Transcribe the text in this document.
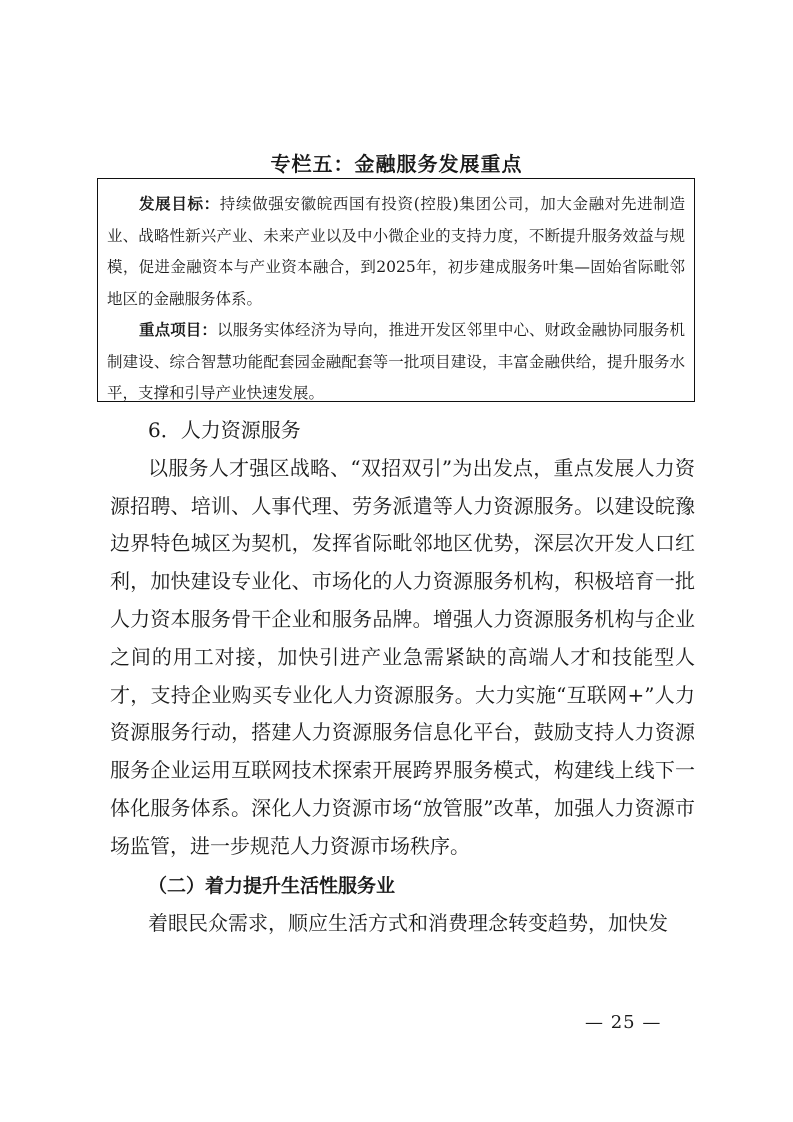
专栏五：金融服务发展重点

发展目标：持续做强安徽皖西国有投资(控股)集团公司，加大金融对先进制造业、战略性新兴产业、未来产业以及中小微企业的支持力度，不断提升服务效益与规模，促进金融资本与产业资本融合，到2025年，初步建成服务叶集—固始省际毗邻地区的金融服务体系。

重点项目：以服务实体经济为导向，推进开发区邻里中心、财政金融协同服务机制建设、综合智慧功能配套园金融配套等一批项目建设，丰富金融供给，提升服务水平，支撑和引导产业快速发展。

6．人力资源服务

以服务人才强区战略、“双招双引”为出发点，重点发展人力资源招聘、培训、人事代理、劳务派遣等人力资源服务。以建设皖豫边界特色城区为契机，发挥省际毗邻地区优势，深层次开发人口红利，加快建设专业化、市场化的人力资源服务机构，积极培育一批人力资本服务骨干企业和服务品牌。增强人力资源服务机构与企业之间的用工对接，加快引进产业急需紧缺的高端人才和技能型人才，支持企业购买专业化人力资源服务。大力实施“互联网+”人力资源服务行动，搭建人力资源服务信息化平台，鼓励支持人力资源服务企业运用互联网技术探索开展跨界服务模式，构建线上线下一体化服务体系。深化人力资源市场“放管服”改革，加强人力资源市场监管，进一步规范人力资源市场秩序。

（二）着力提升生活性服务业

着眼民众需求，顺应生活方式和消费理念转变趋势，加快发

— 25 —
